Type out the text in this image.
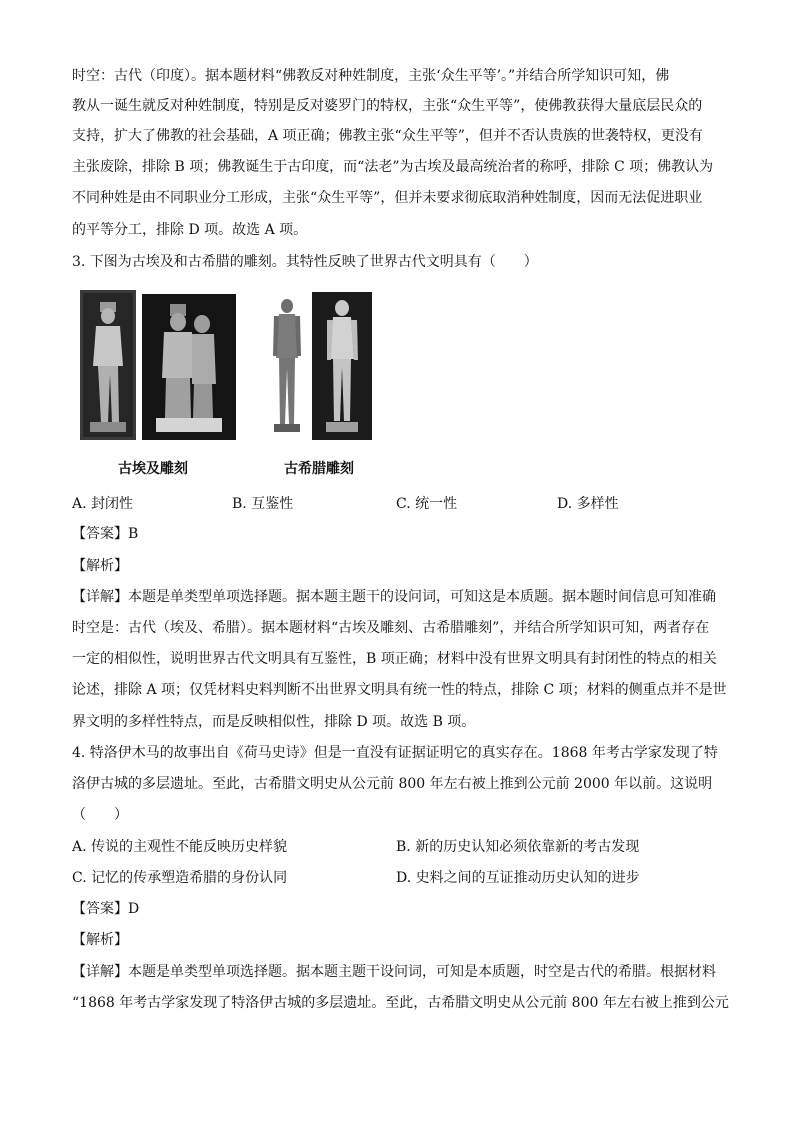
时空：古代（印度）。据本题材料“佛教反对种姓制度，主张‘众生平等’。”并结合所学知识可知，佛
教从一诞生就反对种姓制度，特别是反对婆罗门的特权，主张“众生平等”，使佛教获得大量底层民众的
支持，扩大了佛教的社会基础，A 项正确；佛教主张“众生平等”，但并不否认贵族的世袭特权，更没有
主张废除，排除 B 项；佛教诞生于古印度，而“法老”为古埃及最高统治者的称呼，排除 C 项；佛教认为
不同种姓是由不同职业分工形成，主张“众生平等”，但并未要求彻底取消种姓制度，因而无法促进职业
的平等分工，排除 D 项。故选 A 项。
3. 下图为古埃及和古希腊的雕刻。其特性反映了世界古代文明具有（　　）
古埃及雕刻	古希腊雕刻
A. 封闭性	B. 互鉴性	C. 统一性	D. 多样性
【答案】B
【解析】
【详解】本题是单类型单项选择题。据本题主题干的设问词，可知这是本质题。据本题时间信息可知准确
时空是：古代（埃及、希腊）。据本题材料“古埃及雕刻、古希腊雕刻”，并结合所学知识可知，两者存在
一定的相似性，说明世界古代文明具有互鉴性，B 项正确；材料中没有世界文明具有封闭性的特点的相关
论述，排除 A 项；仅凭材料史料判断不出世界文明具有统一性的特点，排除 C 项；材料的侧重点并不是世
界文明的多样性特点，而是反映相似性，排除 D 项。故选 B 项。
4. 特洛伊木马的故事出自《荷马史诗》但是一直没有证据证明它的真实存在。1868 年考古学家发现了特
洛伊古城的多层遗址。至此，古希腊文明史从公元前 800 年左右被上推到公元前 2000 年以前。这说明
（　　）
A. 传说的主观性不能反映历史样貌	B. 新的历史认知必须依靠新的考古发现
C. 记忆的传承塑造希腊的身份认同	D. 史料之间的互证推动历史认知的进步
【答案】D
【解析】
【详解】本题是单类型单项选择题。据本题主题干设问词，可知是本质题，时空是古代的希腊。根据材料
“1868 年考古学家发现了特洛伊古城的多层遗址。至此，古希腊文明史从公元前 800 年左右被上推到公元
